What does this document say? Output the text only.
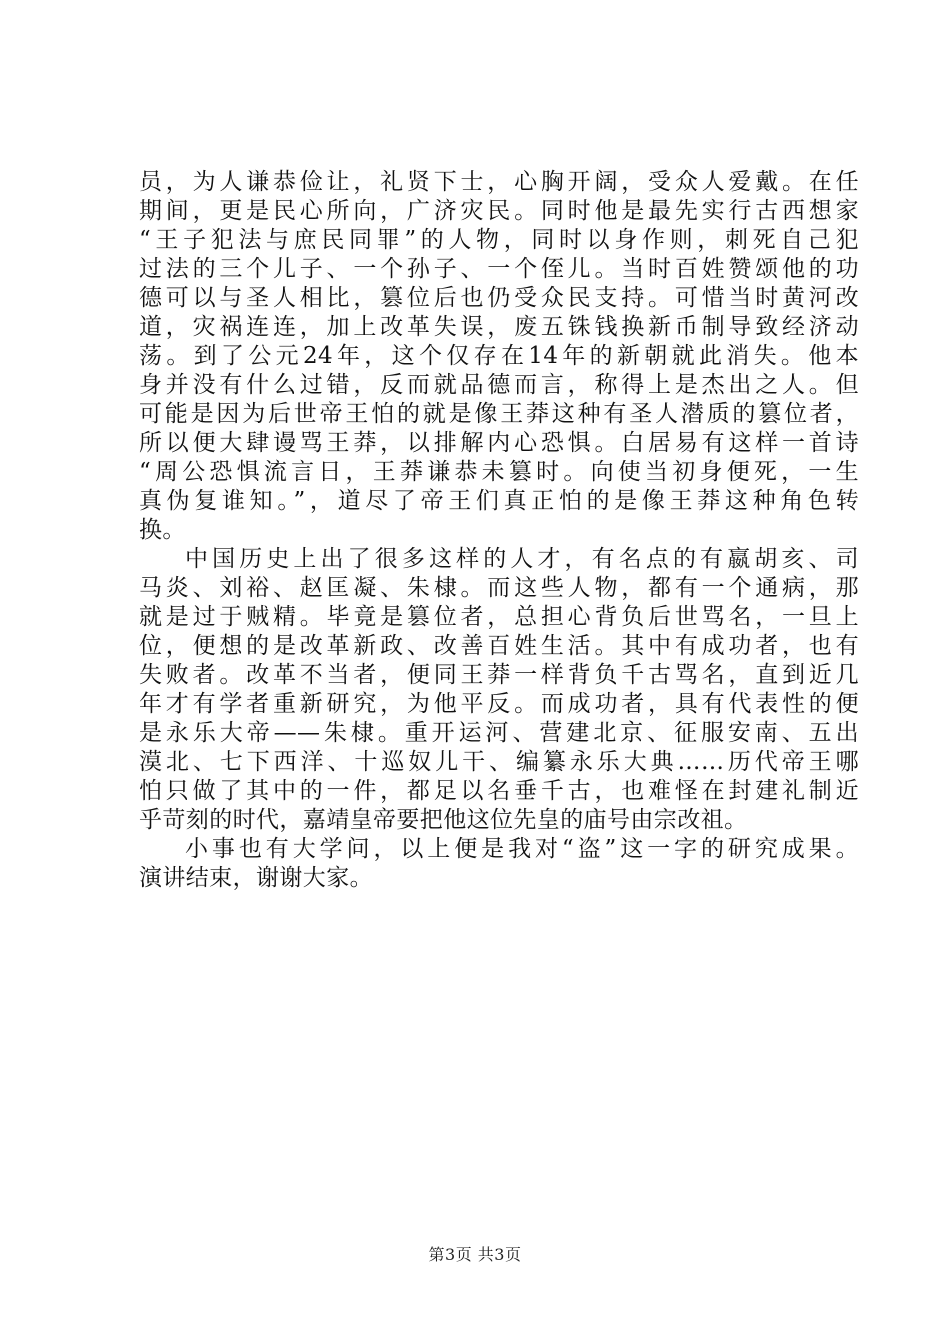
员，为人谦恭俭让，礼贤下士，心胸开阔，受众人爱戴。在任
期间，更是民心所向，广济灾民。同时他是最先实行古西想家
“王子犯法与庶民同罪”的人物，同时以身作则，刺死自己犯
过法的三个儿子、一个孙子、一个侄儿。当时百姓赞颂他的功
德可以与圣人相比，篡位后也仍受众民支持。可惜当时黄河改
道，灾祸连连，加上改革失误，废五铢钱换新币制导致经济动
荡。到了公元24年，这个仅存在14年的新朝就此消失。他本
身并没有什么过错，反而就品德而言，称得上是杰出之人。但
可能是因为后世帝王怕的就是像王莽这种有圣人潜质的篡位者，
所以便大肆谩骂王莽，以排解内心恐惧。白居易有这样一首诗
“周公恐惧流言日，王莽谦恭未篡时。向使当初身便死，一生
真伪复谁知。”，道尽了帝王们真正怕的是像王莽这种角色转
换。
中国历史上出了很多这样的人才，有名点的有嬴胡亥、司
马炎、刘裕、赵匡凝、朱棣。而这些人物，都有一个通病，那
就是过于贼精。毕竟是篡位者，总担心背负后世骂名，一旦上
位，便想的是改革新政、改善百姓生活。其中有成功者，也有
失败者。改革不当者，便同王莽一样背负千古骂名，直到近几
年才有学者重新研究，为他平反。而成功者，具有代表性的便
是永乐大帝——朱棣。重开运河、营建北京、征服安南、五出
漠北、七下西洋、十巡奴儿干、编纂永乐大典……历代帝王哪
怕只做了其中的一件，都足以名垂千古，也难怪在封建礼制近
乎苛刻的时代，嘉靖皇帝要把他这位先皇的庙号由宗改祖。
小事也有大学问，以上便是我对“盗”这一字的研究成果。
演讲结束，谢谢大家。
第3页 共3页
